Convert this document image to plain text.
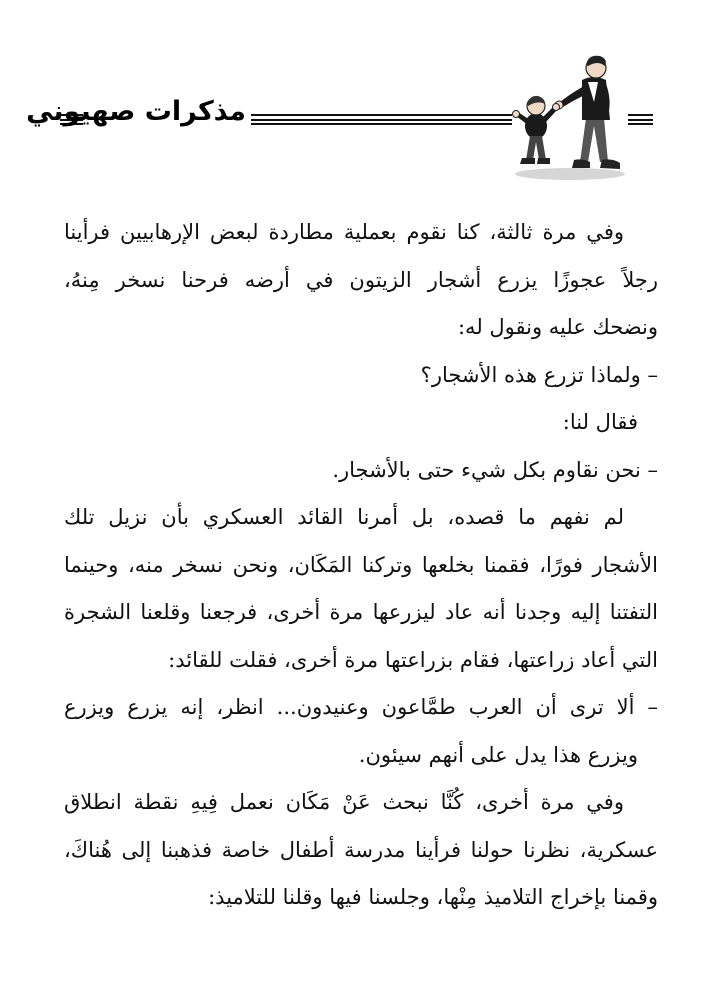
مذكرات صهيوني
وفي مرة ثالثة، كنا نقوم بعملية مطاردة لبعض الإرهابيين فرأينا
رجلاً عجوزًا يزرع أشجار الزيتون في أرضه فرحنا نسخر مِنهُ،
ونضحك عليه ونقول له:
– ولماذا تزرع هذه الأشجار؟
فقال لنا:
– نحن نقاوم بكل شيء حتى بالأشجار.
لم نفهم ما قصده، بل أمرنا القائد العسكري بأن نزيل تلك
الأشجار فورًا، فقمنا بخلعها وتركنا المَكَان، ونحن نسخر منه، وحينما
التفتنا إليه وجدنا أنه عاد ليزرعها مرة أخرى، فرجعنا وقلعنا الشجرة
التي أعاد زراعتها، فقام بزراعتها مرة أخرى، فقلت للقائد:
– ألا ترى أن العرب طمَّاعون وعنيدون... انظر، إنه يزرع ويزرع
ويزرع هذا يدل على أنهم سيئون.
وفي مرة أخرى، كُنَّا نبحث عَنْ مَكَان نعمل فِيهِ نقطة انطلاق
عسكرية، نظرنا حولنا فرأينا مدرسة أطفال خاصة فذهبنا إلى هُناكَ،
وقمنا بإخراج التلاميذ مِنْها، وجلسنا فيها وقلنا للتلاميذ:
